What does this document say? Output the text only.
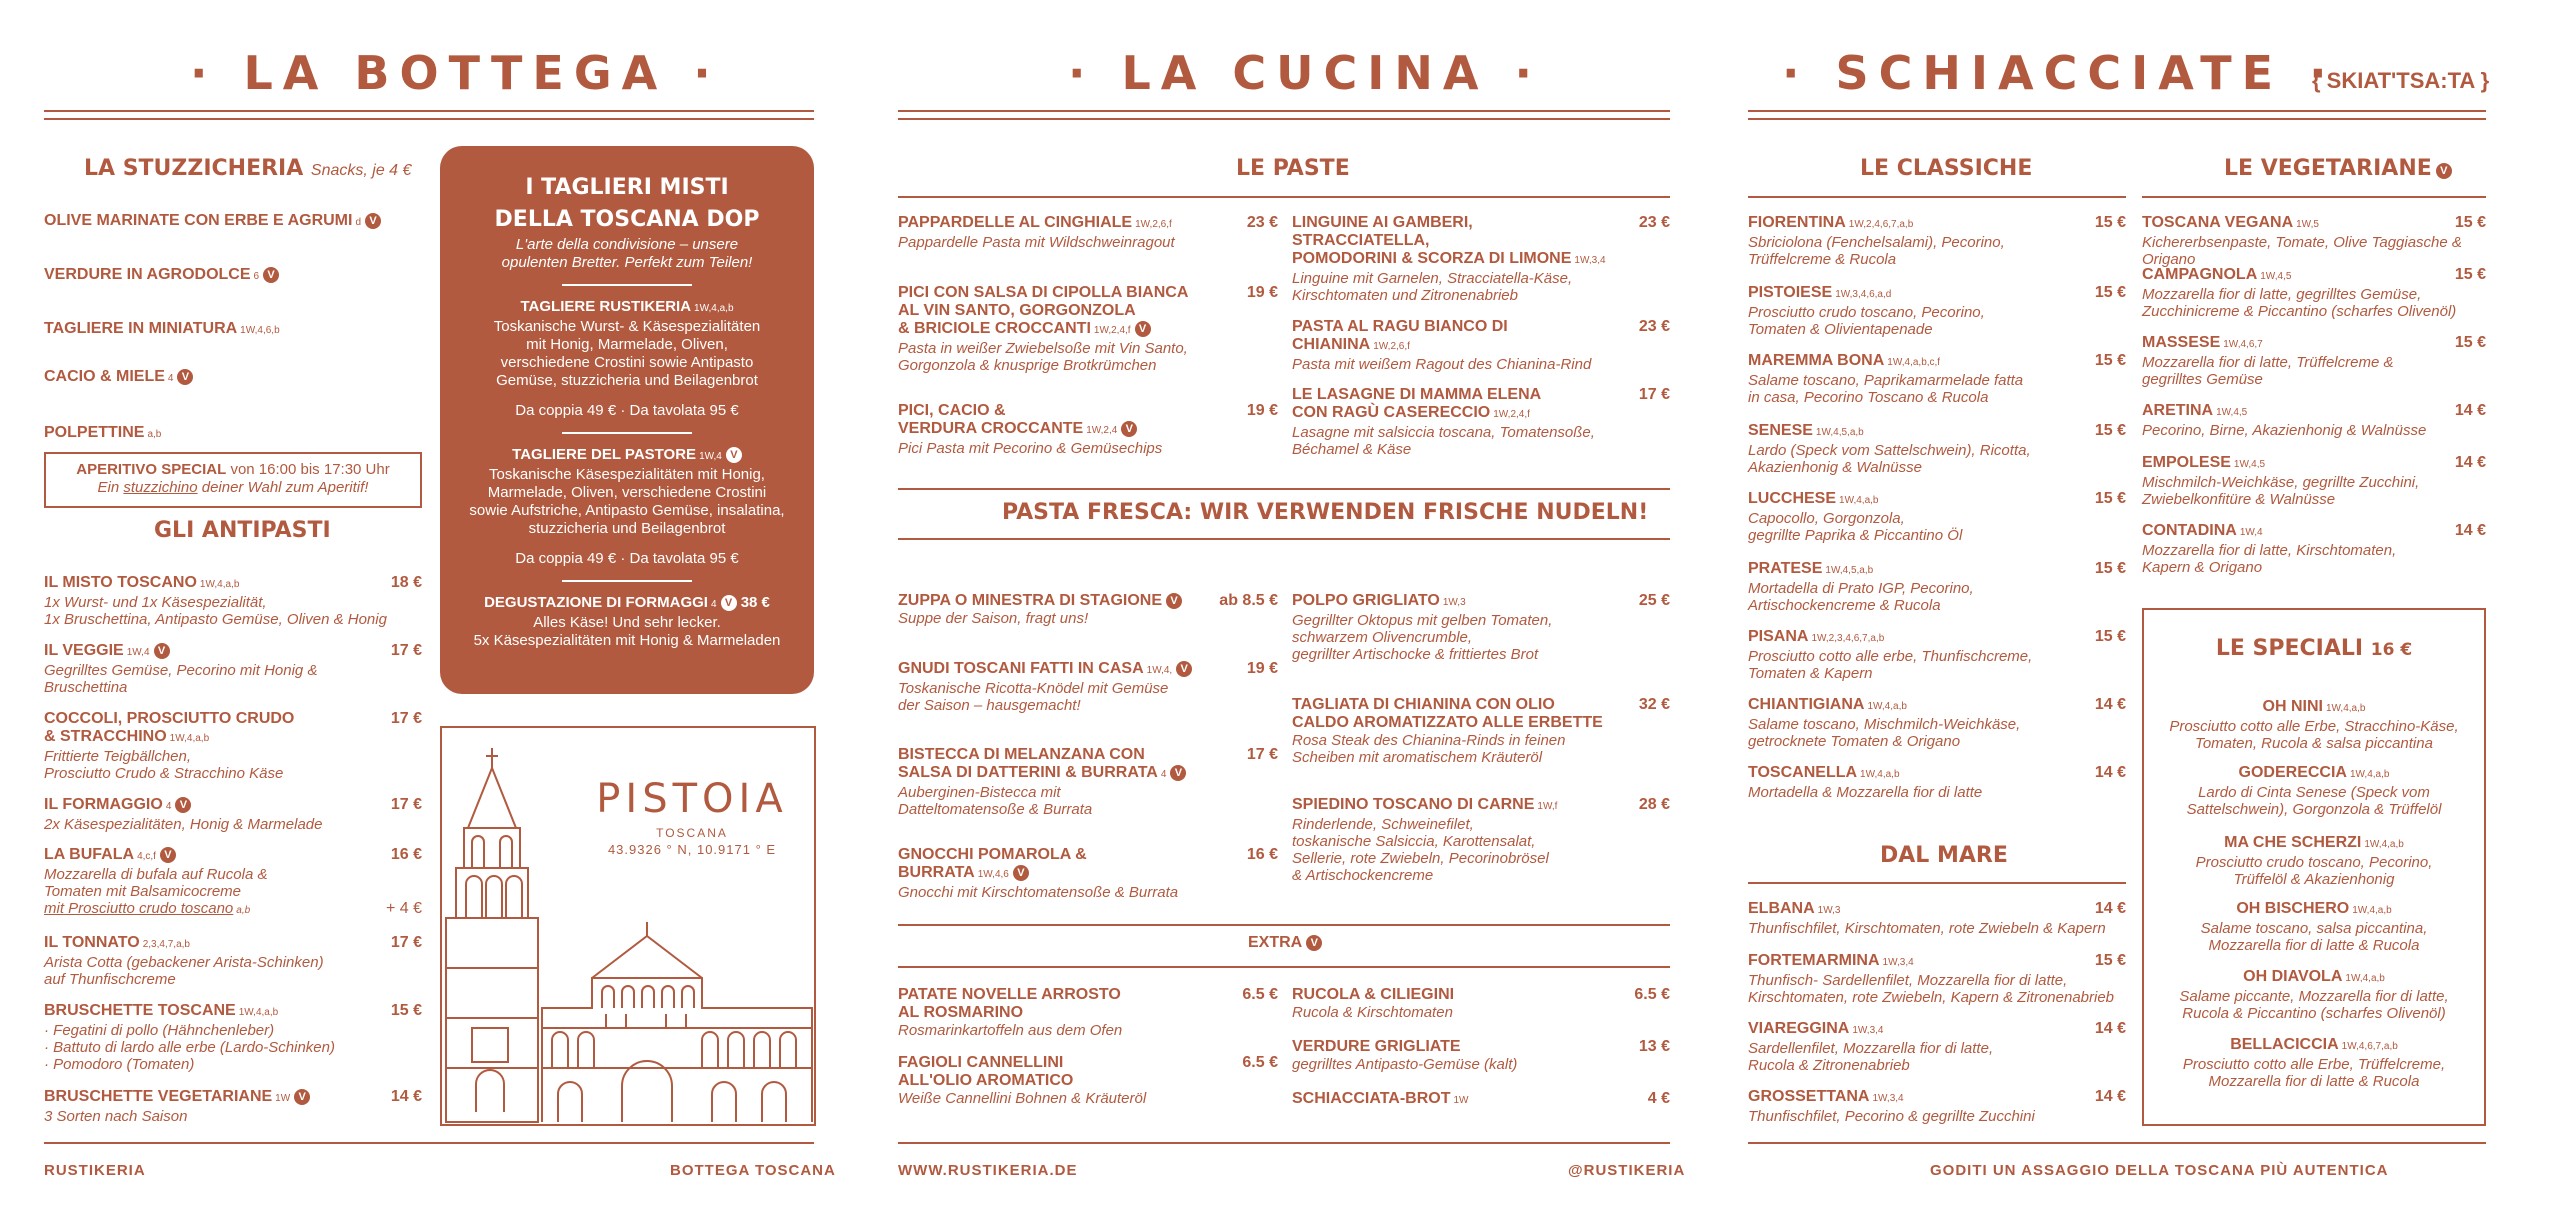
· LA BOTTEGA ·	· LA CUCINA ·	· SCHIACCIATE ·
{ SKIAT'TSA:TA }
LA STUZZICHERIA Snacks, je 4 €
OLIVE MARINATE CON ERBE E AGRUMI d V
VERDURE IN AGRODOLCE 6 V
TAGLIERE IN MINIATURA 1W,4,6,b
CACIO & MIELE 4 V
POLPETTINE a,b
APERITIVO SPECIAL von 16:00 bis 17:30 Uhr
Ein stuzzichino deiner Wahl zum Aperitif!
GLI ANTIPASTI
IL MISTO TOSCANO 1W,4,a,b
1x Wurst- und 1x Käsespezialität,
1x Bruschettina, Antipasto Gemüse, Oliven & Honig
18 €
IL VEGGIE 1W,4 V
Gegrilltes Gemüse, Pecorino mit Honig &
Bruschettina
17 €
COCCOLI, PROSCIUTTO CRUDO
& STRACCHINO 1W,4,a,b
Frittierte Teigbällchen,
Prosciutto Crudo & Stracchino Käse
17 €
IL FORMAGGIO 4 V
2x Käsespezialitäten, Honig & Marmelade
17 €
LA BUFALA 4,c,f V
Mozzarella di bufala auf Rucola &
Tomaten mit Balsamicocreme
mit Prosciutto crudo toscano a,b
16 €
+ 4 €
IL TONNATO 2,3,4,7,a,b
Arista Cotta (gebackener Arista-Schinken)
auf Thunfischcreme
17 €
BRUSCHETTE TOSCANE 1W,4,a,b
· Fegatini di pollo (Hähnchenleber)
· Battuto di lardo alle erbe (Lardo-Schinken)
· Pomodoro (Tomaten)
15 €
BRUSCHETTE VEGETARIANE 1W V
3 Sorten nach Saison
14 €
I TAGLIERI MISTI
DELLA TOSCANA DOP
L'arte della condivisione – unsere
opulenten Bretter. Perfekt zum Teilen!
TAGLIERE RUSTIKERIA 1W,4,a,b
Toskanische Wurst- & Käsespezialitäten
mit Honig, Marmelade, Oliven,
verschiedene Crostini sowie Antipasto
Gemüse, stuzzicheria und Beilagenbrot
Da coppia 49 € · Da tavolata 95 €
TAGLIERE DEL PASTORE 1W,4 V
Toskanische Käsespezialitäten mit Honig,
Marmelade, Oliven, verschiedene Crostini
sowie Aufstriche, Antipasto Gemüse, insalatina,
stuzzicheria und Beilagenbrot
Da coppia 49 € · Da tavolata 95 €
DEGUSTAZIONE DI FORMAGGI 4 V 38 €
Alles Käse! Und sehr lecker.
5x Käsespezialitäten mit Honig & Marmeladen
PISTOIA
TOSCANA
43.9326 ° N, 10.9171 ° E
LE PASTE
PAPPARDELLE AL CINGHIALE 1W,2,6,f
Pappardelle Pasta mit Wildschweinragout
23 €
PICI CON SALSA DI CIPOLLA BIANCA
AL VIN SANTO, GORGONZOLA
& BRICIOLE CROCCANTI 1W,2,4,f V
Pasta in weißer Zwiebelsoße mit Vin Santo,
Gorgonzola & knusprige Brotkrümchen
19 €
PICI, CACIO &
VERDURA CROCCANTE 1W,2,4 V
Pici Pasta mit Pecorino & Gemüsechips
19 €
LINGUINE AI GAMBERI, STRACCIATELLA,
POMODORINI & SCORZA DI LIMONE 1W,3,4
Linguine mit Garnelen, Stracciatella-Käse,
Kirschtomaten und Zitronenabrieb
23 €
PASTA AL RAGU BIANCO DI CHIANINA 1W,2,6,f
Pasta mit weißem Ragout des Chianina-Rind
23 €
LE LASAGNE DI MAMMA ELENA
CON RAGÙ CASERECCIO 1W,2,4,f
Lasagne mit salsiccia toscana, Tomatensoße,
Béchamel & Käse
17 €
PASTA FRESCA: WIR VERWENDEN FRISCHE NUDELN!
ZUPPA O MINESTRA DI STAGIONE V
Suppe der Saison, fragt uns!
ab 8.5 €
GNUDI TOSCANI FATTI IN CASA 1W,4, V
Toskanische Ricotta-Knödel mit Gemüse
der Saison – hausgemacht!
19 €
BISTECCA DI MELANZANA CON
SALSA DI DATTERINI & BURRATA 4 V
Auberginen-Bistecca mit
Datteltomatensoße & Burrata
17 €
GNOCCHI POMAROLA & BURRATA 1W,4,6 V
Gnocchi mit Kirschtomatensoße & Burrata
16 €
POLPO GRIGLIATO 1W,3
Gegrillter Oktopus mit gelben Tomaten,
schwarzem Olivencrumble,
gegrillter Artischocke & frittiertes Brot
25 €
TAGLIATA DI CHIANINA CON OLIO
CALDO AROMATIZZATO ALLE ERBETTE
Rosa Steak des Chianina-Rinds in feinen
Scheiben mit aromatischem Kräuteröl
32 €
SPIEDINO TOSCANO DI CARNE 1W,f
Rinderlende, Schweinefilet,
toskanische Salsiccia, Karottensalat,
Sellerie, rote Zwiebeln, Pecorinobrösel
& Artischockencreme
28 €
EXTRA V
PATATE NOVELLE ARROSTO
AL ROSMARINO
Rosmarinkartoffeln aus dem Ofen
6.5 €
FAGIOLI CANNELLINI
ALL'OLIO AROMATICO
Weiße Cannellini Bohnen & Kräuteröl
6.5 €
RUCOLA & CILIEGINI
Rucola & Kirschtomaten
6.5 €
VERDURE GRIGLIATE
gegrilltes Antipasto-Gemüse (kalt)
13 €
SCHIACCIATA-BROT 1W	4 €
LE CLASSICHE
FIORENTINA 1W,2,4,6,7,a,b
Sbriciolona (Fenchelsalami), Pecorino,
Trüffelcreme & Rucola
15 €
PISTOIESE 1W,3,4,6,a,d
Prosciutto crudo toscano, Pecorino,
Tomaten & Olivientapenade
15 €
MAREMMA BONA 1W,4,a,b,c,f
Salame toscano, Paprikamarmelade fatta
in casa, Pecorino Toscano & Rucola
15 €
SENESE 1W,4,5,a,b
Lardo (Speck vom Sattelschwein), Ricotta,
Akazienhonig & Walnüsse
15 €
LUCCHESE 1W,4,a,b
Capocollo, Gorgonzola,
gegrillte Paprika & Piccantino Öl
15 €
PRATESE 1W,4,5,a,b
Mortadella di Prato IGP, Pecorino,
Artischockencreme & Rucola
15 €
PISANA 1W,2,3,4,6,7,a,b
Prosciutto cotto alle erbe, Thunfischcreme,
Tomaten & Kapern
15 €
CHIANTIGIANA 1W,4,a,b
Salame toscano, Mischmilch-Weichkäse,
getrocknete Tomaten & Origano
14 €
TOSCANELLA 1W,4,a,b
Mortadella & Mozzarella fior di latte
14 €
DAL MARE
ELBANA 1W,3
Thunfischfilet, Kirschtomaten, rote Zwiebeln & Kapern
14 €
FORTEMARMINA 1W,3,4
Thunfisch- Sardellenfilet, Mozzarella fior di latte,
Kirschtomaten, rote Zwiebeln, Kapern & Zitronenabrieb
15 €
VIAREGGINA 1W,3,4
Sardellenfilet, Mozzarella fior di latte,
Rucola & Zitronenabrieb
14 €
GROSSETTANA 1W,3,4
Thunfischfilet, Pecorino & gegrillte Zucchini
14 €
LE VEGETARIANE V
TOSCANA VEGANA 1W,5
Kichererbsenpaste, Tomate, Olive Taggiasche & Origano
15 €
CAMPAGNOLA 1W,4,5
Mozzarella fior di latte, gegrilltes Gemüse,
Zucchinicreme & Piccantino (scharfes Olivenöl)
15 €
MASSESE 1W,4,6,7
Mozzarella fior di latte, Trüffelcreme &
gegrilltes Gemüse
15 €
ARETINA 1W,4,5
Pecorino, Birne, Akazienhonig & Walnüsse
14 €
EMPOLESE 1W,4,5
Mischmilch-Weichkäse, gegrillte Zucchini,
Zwiebelkonfitüre & Walnüsse
14 €
CONTADINA 1W,4
Mozzarella fior di latte, Kirschtomaten,
Kapern & Origano
14 €
LE SPECIALI 16 €
OH NINI 1W,4,a,b
Prosciutto cotto alle Erbe, Stracchino-Käse,
Tomaten, Rucola & salsa piccantina
GODERECCIA 1W,4,a,b
Lardo di Cinta Senese (Speck vom
Sattelschwein), Gorgonzola & Trüffelöl
MA CHE SCHERZI 1W,4,a,b
Prosciutto crudo toscano, Pecorino,
Trüffelöl & Akazienhonig
OH BISCHERO 1W,4,a,b
Salame toscano, salsa piccantina,
Mozzarella fior di latte & Rucola
OH DIAVOLA 1W,4,a,b
Salame piccante, Mozzarella fior di latte,
Rucola & Piccantino (scharfes Olivenöl)
BELLACICCIA 1W,4,6,7,a,b
Prosciutto cotto alle Erbe, Trüffelcreme,
Mozzarella fior di latte & Rucola
RUSTIKERIA	BOTTEGA TOSCANA	WWW.RUSTIKERIA.DE	@RUSTIKERIA	GODITI UN ASSAGGIO DELLA TOSCANA PIÙ AUTENTICA
